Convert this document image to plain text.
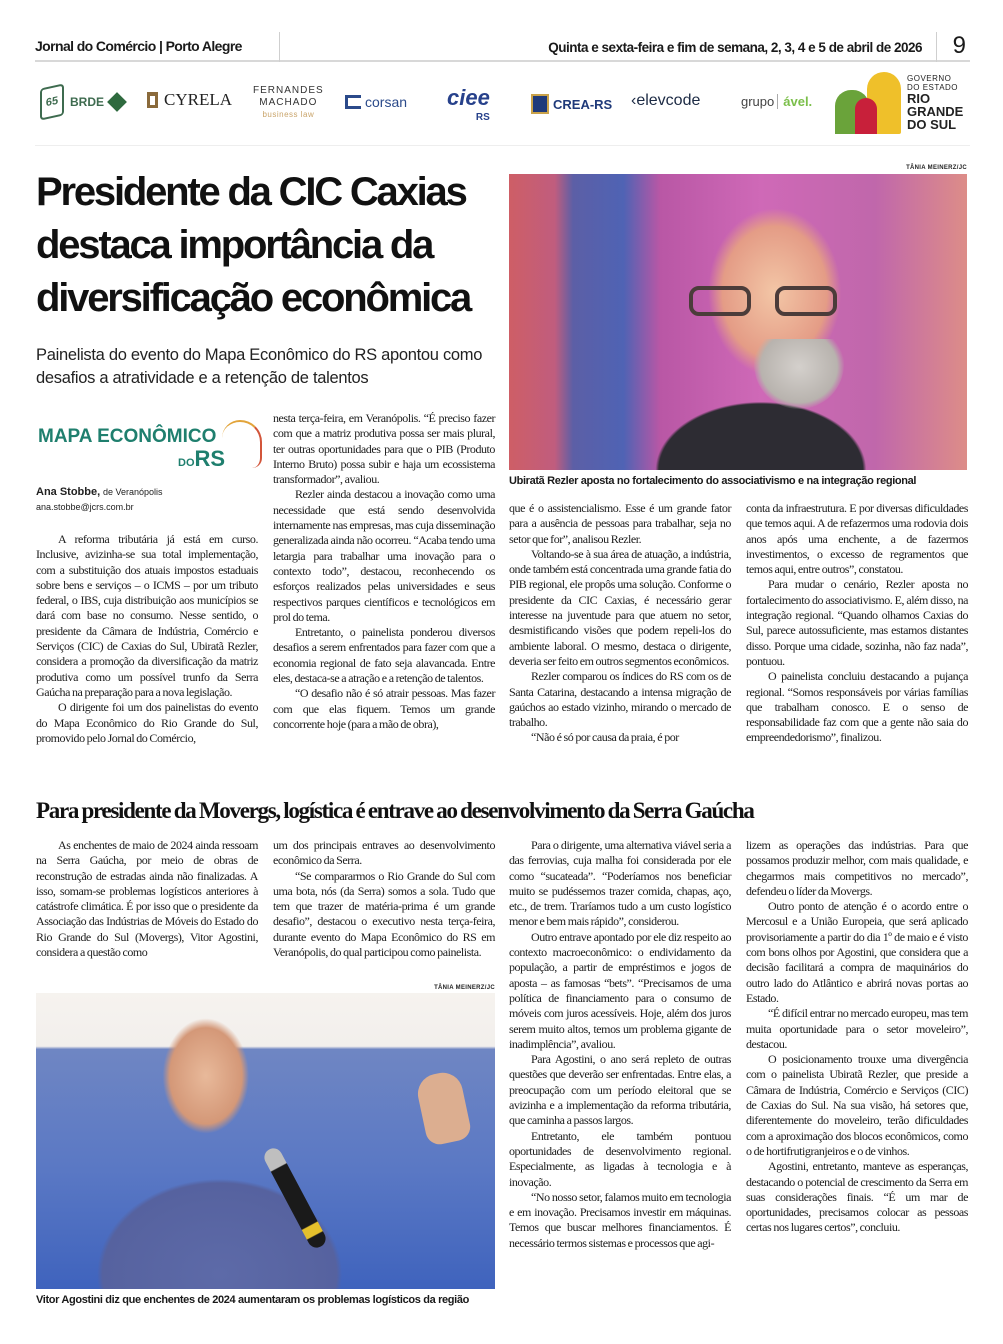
Jornal do Comércio | Porto Alegre	Quinta e sexta-feira e fim de semana, 2, 3, 4 e 5 de abril de 2026 9
65 BRDE	CYRELA FERNANDES
MACHADO
business law
corsan ciee
RS
CREA-RS ‹elevcode	grupo ável.
GOVERNO
DO ESTADO
RIO
GRANDE
DO SUL
Presidente da CIC Caxias destaca importância da diversificação econômica
Painelista do evento do Mapa Econômico do RS apontou como desafios a atratividade e a retenção de talentos
TÂNIA MEINERZ/JC
Ubiratã Rezler aposta no fortalecimento do associativismo e na integração regional
MAPA ECONÔMICO
DORS
Ana Stobbe, de Veranópolis
ana.stobbe@jcrs.com.br

A reforma tributária já está em curso. Inclusive, avizinha-se sua total implementação, com a substituição dos atuais impostos estaduais sobre bens e serviços – o ICMS – por um tributo federal, o IBS, cuja distribuição aos municípios se dará com base no consumo. Nesse sentido, o presidente da Câmara de Indústria, Comércio e Serviços (CIC) de Caxias do Sul, Ubiratã Rezler, considera a promoção da diversificação da matriz produtiva como um possível trunfo da Serra Gaúcha na preparação para a nova legislação.

O dirigente foi um dos painelistas do evento do Mapa Econômico do Rio Grande do Sul, promovido pelo Jornal do Comércio,

nesta terça-feira, em Veranópolis. “É preciso fazer com que a matriz produtiva possa ser mais plural, ter outras oportunidades para que o PIB (Produto Interno Bruto) possa subir e haja um ecossistema transformador”, avaliou.

Rezler ainda destacou a inovação como uma necessidade que está sendo desenvolvida internamente nas empresas, mas cuja disseminação generalizada ainda não ocorreu. “Acaba tendo uma letargia para trabalhar uma inovação para o contexto todo”, destacou, reconhecendo os esforços realizados pelas universidades e seus respectivos parques científicos e tecnológicos em prol do tema.

Entretanto, o painelista ponderou diversos desafios a serem enfrentados para fazer com que a economia regional de fato seja alavancada. Entre eles, destaca-se a atração e a retenção de talentos.

“O desafio não é só atrair pessoas. Mas fazer com que elas fiquem. Temos um grande concorrente hoje (para a mão de obra),

que é o assistencialismo. Esse é um grande fator para a ausência de pessoas para trabalhar, seja no setor que for”, analisou Rezler.

Voltando-se à sua área de atuação, a indústria, onde também está concentrada uma grande fatia do PIB regional, ele propôs uma solução. Conforme o presidente da CIC Caxias, é necessário gerar interesse na juventude para que atuem no setor, desmistificando visões que podem repeli-los do ambiente laboral. O mesmo, destaca o dirigente, deveria ser feito em outros segmentos econômicos.

Rezler comparou os índices do RS com os de Santa Catarina, destacando a intensa migração de gaúchos ao estado vizinho, mirando o mercado de trabalho.

“Não é só por causa da praia, é por

conta da infraestrutura. E por diversas dificuldades que temos aqui. A de refazermos uma rodovia dois anos após uma enchente, a de fazermos investimentos, o excesso de regramentos que temos aqui, entre outros”, constatou.

Para mudar o cenário, Rezler aposta no fortalecimento do associativismo. E, além disso, na integração regional. “Quando olhamos Caxias do Sul, parece autossuficiente, mas estamos distantes disso. Porque uma cidade, sozinha, não faz nada”, pontuou.

O painelista concluiu destacando a pujança regional. “Somos responsáveis por várias famílias que trabalham conosco. E o senso de responsabilidade faz com que a gente não saia do empreendedorismo”, finalizou.

Para presidente da Movergs, logística é entrave ao desenvolvimento da Serra Gaúcha

As enchentes de maio de 2024 ainda ressoam na Serra Gaúcha, por meio de obras de reconstrução de estradas ainda não finalizadas. A isso, somam-se problemas logísticos anteriores à catástrofe climática. É por isso que o presidente da Associação das Indústrias de Móveis do Estado do Rio Grande do Sul (Movergs), Vitor Agostini, considera a questão como

um dos principais entraves ao desenvolvimento econômico da Serra.

“Se compararmos o Rio Grande do Sul com uma bota, nós (da Serra) somos a sola. Tudo que tem que trazer de matéria-prima é um grande desafio”, destacou o executivo nesta terça-feira, durante evento do Mapa Econômico do RS em Veranópolis, do qual participou como painelista.

TÂNIA MEINERZ/JC
Vitor Agostini diz que enchentes de 2024 aumentaram os problemas logísticos da região

Para o dirigente, uma alternativa viável seria a das ferrovias, cuja malha foi considerada por ele como “sucateada”. “Poderíamos nos beneficiar muito se pudéssemos trazer comida, chapas, aço, etc., de trem. Traríamos tudo a um custo logístico menor e bem mais rápido”, considerou.

Outro entrave apontado por ele diz respeito ao contexto macroeconômico: o endividamento da população, a partir de empréstimos e jogos de aposta – as famosas “bets”. “Precisamos de uma política de financiamento para o consumo de móveis com juros acessíveis. Hoje, além dos juros serem muito altos, temos um problema gigante de inadimplência”, avaliou.

Para Agostini, o ano será repleto de outras questões que deverão ser enfrentadas. Entre elas, a preocupação com um período eleitoral que se avizinha e a implementação da reforma tributária, que caminha a passos largos.

Entretanto, ele também pontuou oportunidades de desenvolvimento regional. Especialmente, as ligadas à tecnologia e à inovação.

“No nosso setor, falamos muito em tecnologia e em inovação. Precisamos investir em máquinas. Temos que buscar melhores financiamentos. É necessário termos sistemas e processos que agi-

lizem as operações das indústrias. Para que possamos produzir melhor, com mais qualidade, e chegarmos mais competitivos no mercado”, defendeu o líder da Movergs.

Outro ponto de atenção é o acordo entre o Mercosul e a União Europeia, que será aplicado provisoriamente a partir do dia 1º de maio e é visto com bons olhos por Agostini, que considera que a decisão facilitará a compra de maquinários do outro lado do Atlântico e abrirá novas portas ao Estado.

“É difícil entrar no mercado europeu, mas tem muita oportunidade para o setor moveleiro”, destacou.

O posicionamento trouxe uma divergência com o painelista Ubiratã Rezler, que preside a Câmara de Indústria, Comércio e Serviços (CIC) de Caxias do Sul. Na sua visão, há setores que, diferentemente do moveleiro, terão dificuldades com a aproximação dos blocos econômicos, como o de hortifrutigranjeiros e o de vinhos.

Agostini, entretanto, manteve as esperanças, destacando o potencial de crescimento da Serra em suas considerações finais. “É um mar de oportunidades, precisamos colocar as pessoas certas nos lugares certos”, concluiu.
